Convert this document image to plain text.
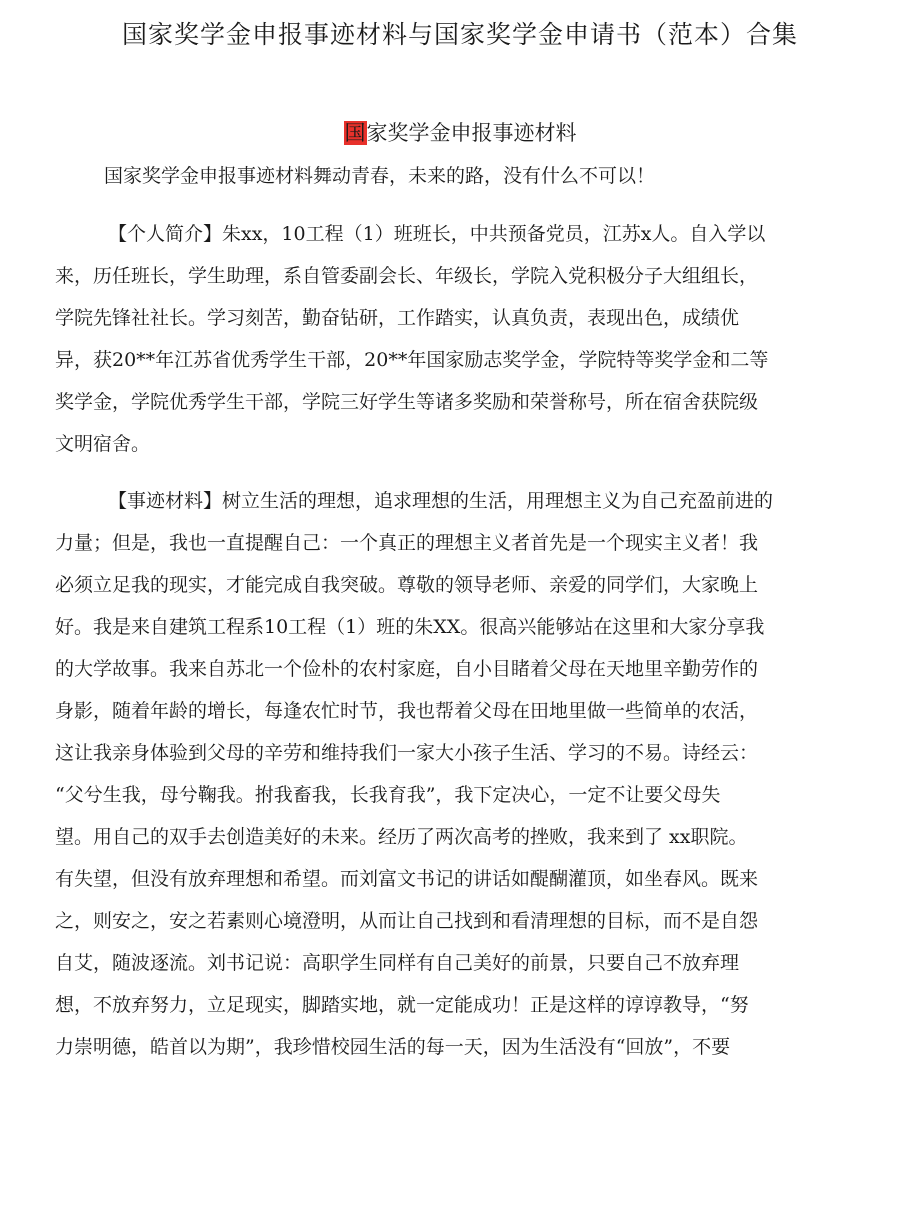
国家奖学金申报事迹材料与国家奖学金申请书（范本）合集
国家奖学金申报事迹材料
国家奖学金申报事迹材料舞动青春，未来的路，没有什么不可以！
【个人简介】朱xx，10工程（1）班班长，中共预备党员，江苏x人。自入学以
来，历任班长，学生助理，系自管委副会长、年级长，学院入党积极分子大组组长，
学院先锋社社长。学习刻苦，勤奋钻研，工作踏实，认真负责，表现出色，成绩优
异，获20**年江苏省优秀学生干部，20**年国家励志奖学金，学院特等奖学金和二等
奖学金，学院优秀学生干部，学院三好学生等诸多奖励和荣誉称号，所在宿舍获院级
文明宿舍。
【事迹材料】树立生活的理想，追求理想的生活，用理想主义为自己充盈前进的
力量；但是，我也一直提醒自己：一个真正的理想主义者首先是一个现实主义者！我
必须立足我的现实，才能完成自我突破。尊敬的领导老师、亲爱的同学们，大家晚上
好。我是来自建筑工程系10工程（1）班的朱XX。很高兴能够站在这里和大家分享我
的大学故事。我来自苏北一个俭朴的农村家庭，自小目睹着父母在天地里辛勤劳作的
身影，随着年龄的增长，每逢农忙时节，我也帮着父母在田地里做一些简单的农活，
这让我亲身体验到父母的辛劳和维持我们一家大小孩子生活、学习的不易。诗经云：
“父兮生我，母兮鞠我。拊我畜我，长我育我”，我下定决心，一定不让要父母失
望。用自己的双手去创造美好的未来。经历了两次高考的挫败，我来到了 xx职院。
有失望，但没有放弃理想和希望。而刘富文书记的讲话如醍醐灌顶，如坐春风。既来
之，则安之，安之若素则心境澄明，从而让自己找到和看清理想的目标，而不是自怨
自艾，随波逐流。刘书记说：高职学生同样有自己美好的前景，只要自己不放弃理
想，不放弃努力，立足现实，脚踏实地，就一定能成功！正是这样的谆谆教导，“努
力崇明德，皓首以为期”，我珍惜校园生活的每一天，因为生活没有“回放”，不要
